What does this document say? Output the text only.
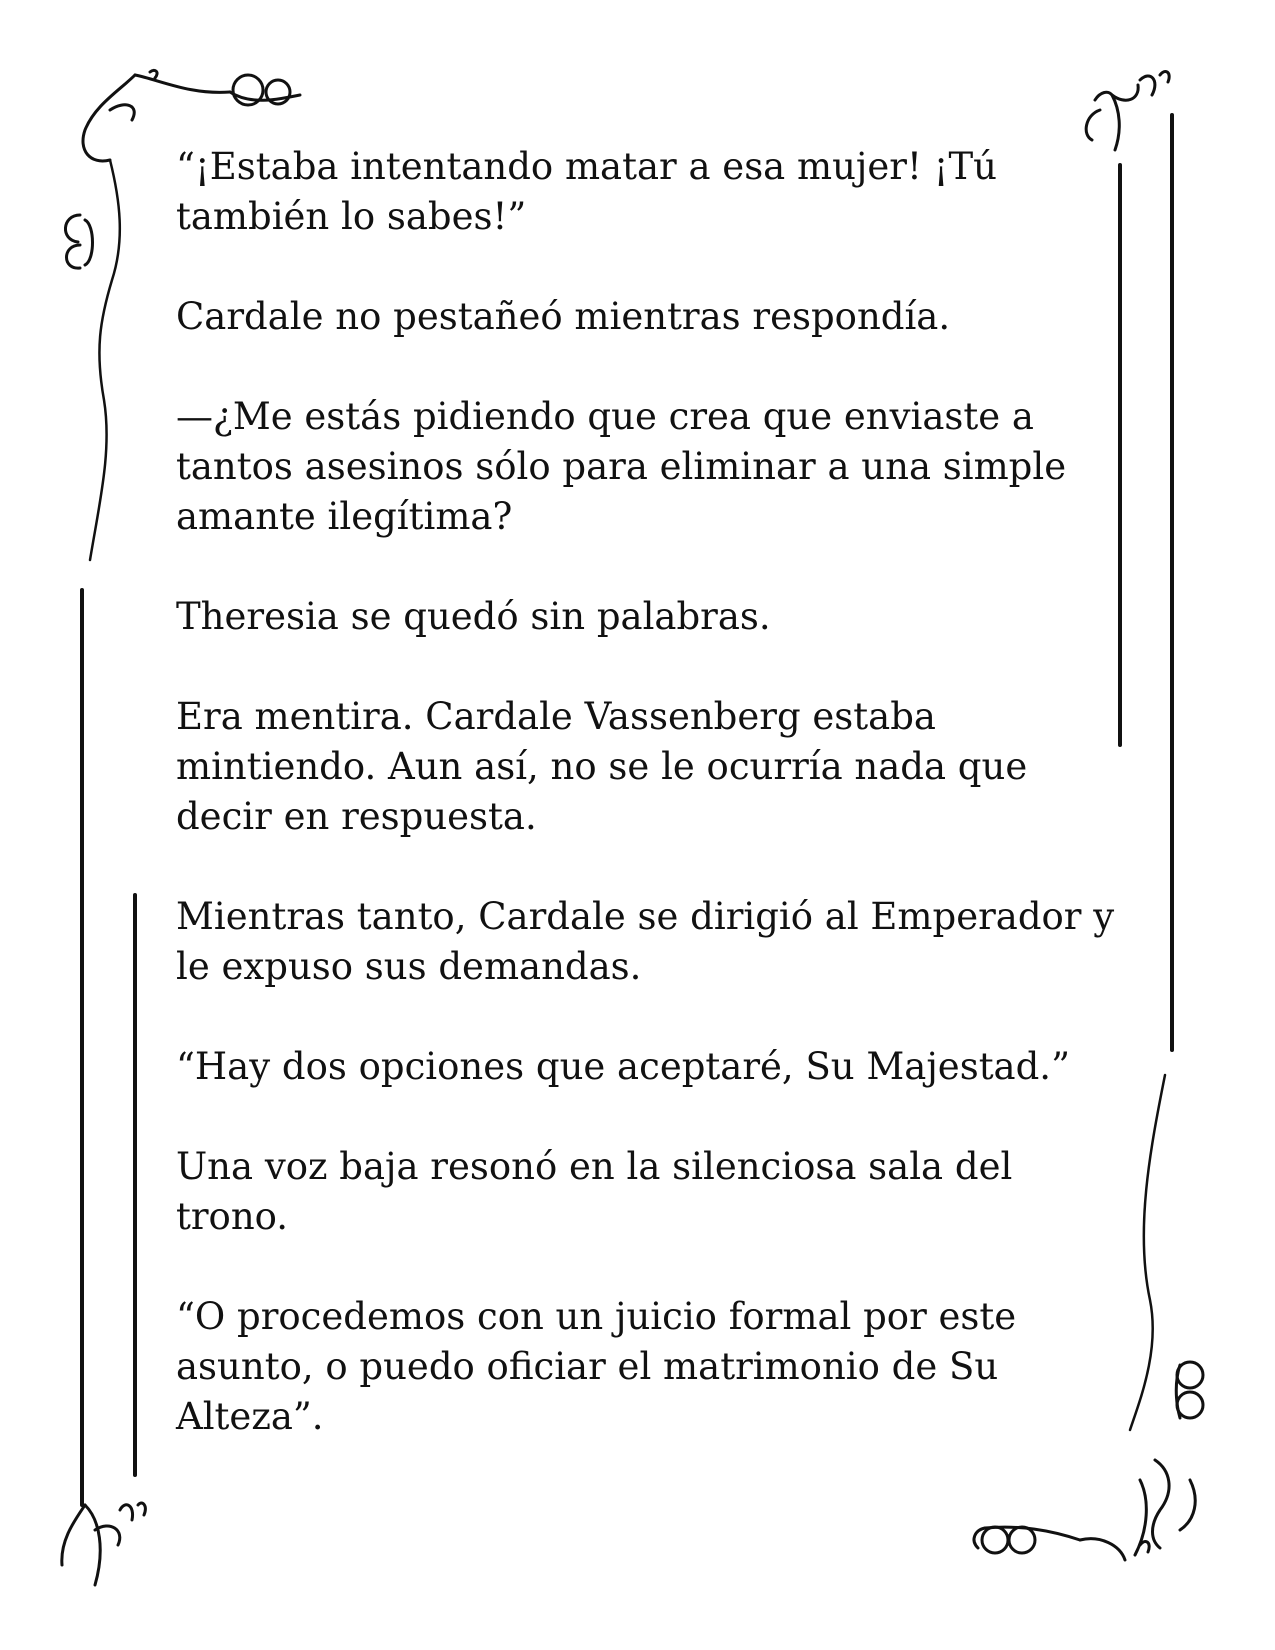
“¡Estaba intentando matar a esa mujer! ¡Tú también lo sabes!”

Cardale no pestañeó mientras respondía.

—¿Me estás pidiendo que crea que enviaste a tantos asesinos sólo para eliminar a una simple amante ilegítima?

Theresia se quedó sin palabras.

Era mentira. Cardale Vassenberg estaba mintiendo. Aun así, no se le ocurría nada que decir en respuesta.

Mientras tanto, Cardale se dirigió al Emperador y le expuso sus demandas.

“Hay dos opciones que aceptaré, Su Majestad.”

Una voz baja resonó en la silenciosa sala del trono.

“O procedemos con un juicio formal por este asunto, o puedo oficiar el matrimonio de Su Alteza”.
